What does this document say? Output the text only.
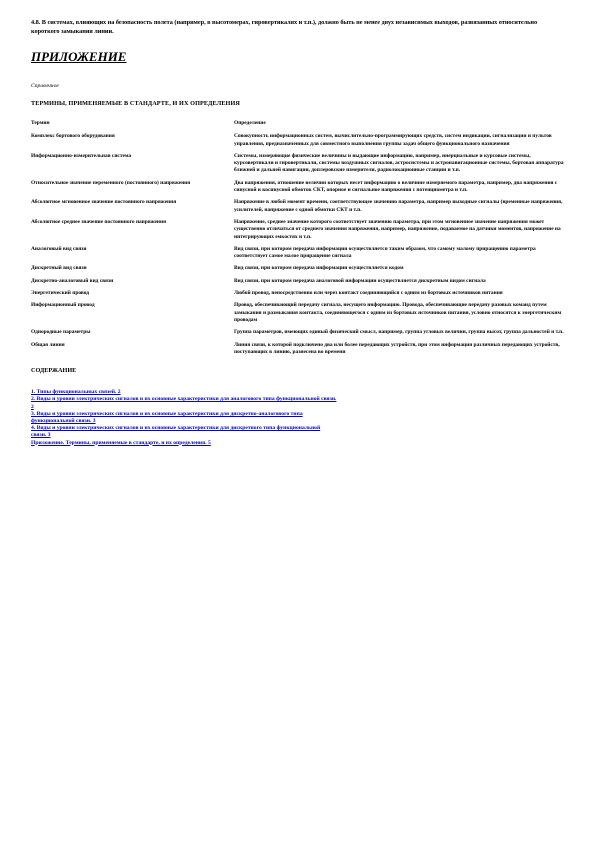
4.8. В системах, влияющих на безопасность полета (например, в высотомерах, гировертикалях и т.п.), должно быть не менее двух независимых выходов, развязанных относительно короткого замыкания линии.

ПРИЛОЖЕНИЕ

Справочное

ТЕРМИНЫ, ПРИМЕНЯЕМЫЕ В СТАНДАРТЕ, И ИХ ОПРЕДЕЛЕНИЯ

Термин	Определение
Комплекс бортового оборудования	Совокупность информационных систем, вычислительно-программирующих средств, систем индикации, сигнализации и пультов управления, предназначенных для совместного выполнения группы задач общего функционального назначения
Информационно-измерительная система	Системы, измеряющие физические величины и выдающие информацию, например, инерциальные и курсовые системы, курсовертикали и гировертикали, системы воздушных сигналов, астросистемы и астронавигационные системы, бортовая аппаратура ближней и дальней навигации, доплеровские измерители, радиолокационные станции и т.п.
Относительное значение переменного (постоянного) напряжения	Два напряжения, отношение величин которых несет информацию о величине измеряемого параметра, например, два напряжения с синусной и косинусной обмоток СКТ, опорное и сигнальное напряжения с потенциометра и т.п.
Абсолютное мгновенное значение постоянного напряжения	Напряжение в любой момент времени, соответствующее значению параметра, например выходные сигналы (временные напряжения, усилителей, напряжение с одной обмотки СКТ и т.п.
Абсолютное среднее значение постоянного напряжения	Напряжение, среднее значение которого соответствует значению параметра, при этом мгновенное значение напряжения может существенно отличаться от среднего значения напряжения, например, напряжение, подаваемое на датчики моментов, напряжение на интегрирующих емкостях и т.п.
Аналоговый вид связи	Вид связи, при котором передача информации осуществляется таким образом, что самому малому приращению параметра соответствует самое малое приращение сигнала
Дискретный вид связи	Вид связи, при котором передача информации осуществляется кодом
Дискретно-аналоговый вид связи	Вид связи, при котором передача аналоговой информации осуществляется дискретным видом сигнала
Энергетический провод	Любой провод, непосредственно или через контакт соединяющийся с одним из бортовых источников питания
Информационный провод	Провод, обеспечивающий передачу сигнала, несущего информацию. Провода, обеспечивающие передачу разовых команд путем замыкания и размыкания контакта, соединяющегося с одним из бортовых источников питания, условно относятся к энергетическим проводам
Однородные параметры	Группа параметров, имеющих единый физический смысл, например, группа угловых величин, группа высот, группа дальностей и т.п.
Общая линия	Линия связи, к которой подключено два или более передающих устройств, при этом информация различных передающих устройств, поступающих в линию, разнесена во времени

СОДЕРЖАНИЕ

1. Типы функциональных связей. 2
2. Виды и уровни электрических сигналов и их основные характеристики для аналогового типа функциональной связи.
2
3. Виды и уровни электрических сигналов и их основные характеристики для дискретно-аналогового типа
функциональной связи. 3
4. Виды и уровни электрических сигналов и их основные характеристики для дискретного типа функциональной
связи. 3
Приложение. Термины, применяемые в стандарте, и их определения. 5
